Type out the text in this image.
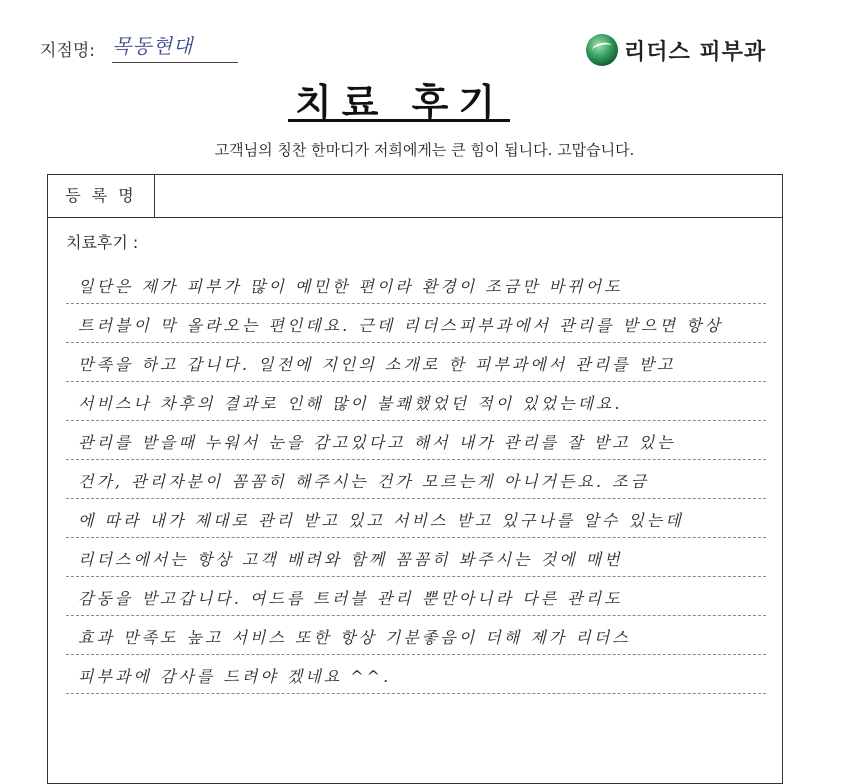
지점명: 목동현대	리더스 피부과
치료 후기
고객님의 칭찬 한마디가 저희에게는 큰 힘이 됩니다. 고맙습니다.
등 록 명
치료후기 :
일단은 제가 피부가 많이 예민한 편이라 환경이 조금만 바뀌어도
트러블이 막 올라오는 편인데요. 근데 리더스피부과에서 관리를 받으면 항상
만족을 하고 갑니다. 일전에 지인의 소개로 한 피부과에서 관리를 받고
서비스나 차후의 결과로 인해 많이 불쾌했었던 적이 있었는데요.
관리를 받을때 누워서 눈을 감고있다고 해서 내가 관리를 잘 받고 있는
건가, 관리자분이 꼼꼼히 해주시는 건가 모르는게 아니거든요. 조금
에 따라 내가 제대로 관리 받고 있고 서비스 받고 있구나를 알수 있는데
리더스에서는 항상 고객 배려와 함께 꼼꼼히 봐주시는 것에 매번
감동을 받고갑니다. 여드름 트러블 관리 뿐만아니라 다른 관리도
효과 만족도 높고 서비스 또한 항상 기분좋음이 더해 제가 리더스
피부과에 감사를 드려야 겠네요 ^^.
